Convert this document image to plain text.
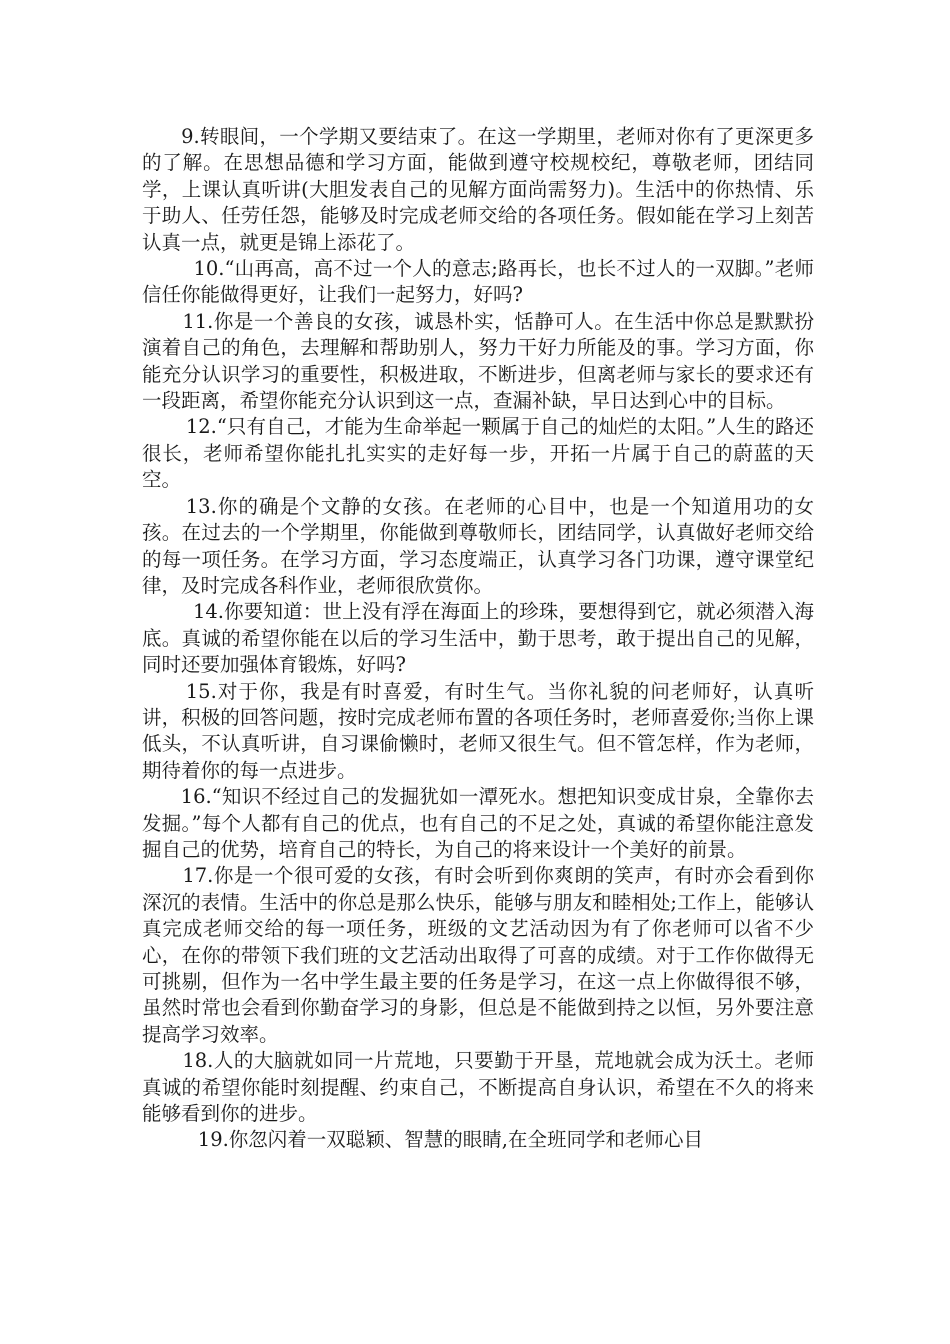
9.转眼间，一个学期又要结束了。在这一学期里，老师对你有了更深更多的了解。在思想品德和学习方面，能做到遵守校规校纪，尊敬老师，团结同学，上课认真听讲(大胆发表自己的见解方面尚需努力)。生活中的你热情、乐于助人、任劳任怨，能够及时完成老师交给的各项任务。假如能在学习上刻苦认真一点，就更是锦上添花了。

10.“山再高，高不过一个人的意志;路再长，也长不过人的一双脚。”老师信任你能做得更好，让我们一起努力，好吗?

11.你是一个善良的女孩，诚恳朴实，恬静可人。在生活中你总是默默扮演着自己的角色，去理解和帮助别人，努力干好力所能及的事。学习方面，你能充分认识学习的重要性，积极进取，不断进步，但离老师与家长的要求还有一段距离，希望你能充分认识到这一点，查漏补缺，早日达到心中的目标。

12.“只有自己，才能为生命举起一颗属于自己的灿烂的太阳。”人生的路还很长，老师希望你能扎扎实实的走好每一步，开拓一片属于自己的蔚蓝的天空。

13.你的确是个文静的女孩。在老师的心目中，也是一个知道用功的女孩。在过去的一个学期里，你能做到尊敬师长，团结同学，认真做好老师交给的每一项任务。在学习方面，学习态度端正，认真学习各门功课，遵守课堂纪律，及时完成各科作业，老师很欣赏你。

14.你要知道：世上没有浮在海面上的珍珠，要想得到它，就必须潜入海底。真诚的希望你能在以后的学习生活中，勤于思考，敢于提出自己的见解，同时还要加强体育锻炼，好吗?

15.对于你，我是有时喜爱，有时生气。当你礼貌的问老师好，认真听讲，积极的回答问题，按时完成老师布置的各项任务时，老师喜爱你;当你上课低头，不认真听讲，自习课偷懒时，老师又很生气。但不管怎样，作为老师，期待着你的每一点进步。

16.“知识不经过自己的发掘犹如一潭死水。想把知识变成甘泉，全靠你去发掘。”每个人都有自己的优点，也有自己的不足之处，真诚的希望你能注意发掘自己的优势，培育自己的特长，为自己的将来设计一个美好的前景。

17.你是一个很可爱的女孩，有时会听到你爽朗的笑声，有时亦会看到你深沉的表情。生活中的你总是那么快乐，能够与朋友和睦相处;工作上，能够认真完成老师交给的每一项任务，班级的文艺活动因为有了你老师可以省不少心，在你的带领下我们班的文艺活动出取得了可喜的成绩。对于工作你做得无可挑剔，但作为一名中学生最主要的任务是学习，在这一点上你做得很不够，虽然时常也会看到你勤奋学习的身影，但总是不能做到持之以恒，另外要注意提高学习效率。

18.人的大脑就如同一片荒地，只要勤于开垦，荒地就会成为沃土。老师真诚的希望你能时刻提醒、约束自己，不断提高自身认识，希望在不久的将来能够看到你的进步。

19.你忽闪着一双聪颖、智慧的眼睛,在全班同学和老师心目
